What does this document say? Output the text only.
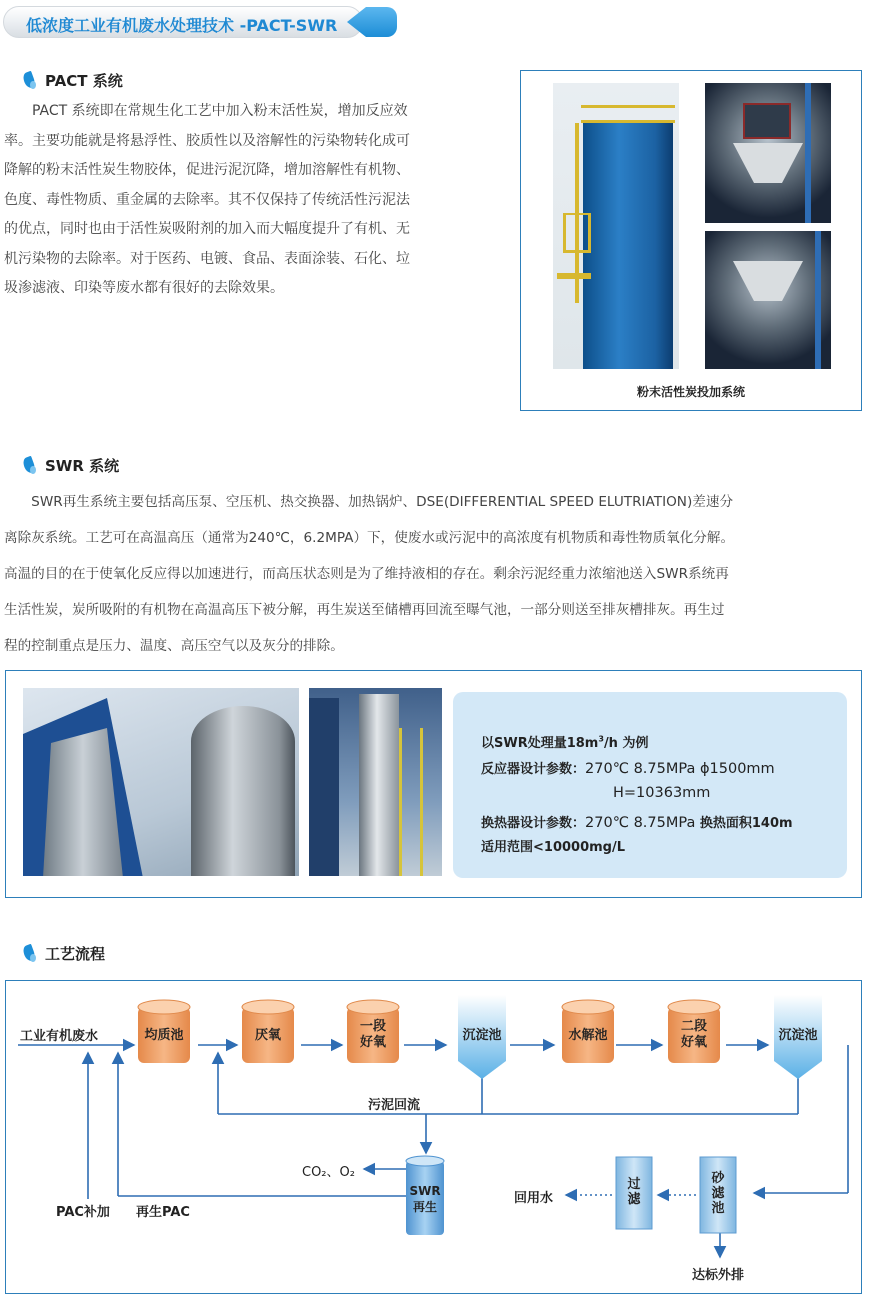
低浓度工业有机废水处理技术 -PACT-SWR
PACT 系统
　　PACT 系统即在常规生化工艺中加入粉末活性炭，增加反应效
率。主要功能就是将悬浮性、胶质性以及溶解性的污染物转化成可
降解的粉末活性炭生物胶体，促进污泥沉降，增加溶解性有机物、
色度、毒性物质、重金属的去除率。其不仅保持了传统活性污泥法
的优点，同时也由于活性炭吸附剂的加入而大幅度提升了有机、无
机污染物的去除率。对于医药、电镀、食品、表面涂装、石化、垃
圾渗滤液、印染等废水都有很好的去除效果。
粉末活性炭投加系统
SWR 系统
　　SWR再生系统主要包括高压泵、空压机、热交换器、加热锅炉、DSE(DIFFERENTIAL SPEED ELUTRIATION)差速分
离除灰系统。工艺可在高温高压（通常为240℃，6.2MPA）下，使废水或污泥中的高浓度有机物质和毒性物质氧化分解。
高温的目的在于使氧化反应得以加速进行，而高压状态则是为了维持液相的存在。剩余污泥经重力浓缩池送入SWR系统再
生活性炭，炭所吸附的有机物在高温高压下被分解，再生炭送至储槽再回流至曝气池，一部分则送至排灰槽排灰。再生过
程的控制重点是压力、温度、高压空气以及灰分的排除。
以SWR处理量$18m^3/h$ 为例
反应器设计参数：270℃ 8.75MPa ϕ1500mm
H=10363mm
换热器设计参数：270℃ 8.75MPa 换热面积140m
适用范围<10000mg/L
工艺流程
工业有机废水	均质池	厌氧
一段
好氧	沉淀池	水解池
二段
好氧	沉淀池
污泥回流
SWR
再生
CO₂、O₂
PAC补加 再生PAC
过
滤
砂
滤
池
回用水
达标外排
